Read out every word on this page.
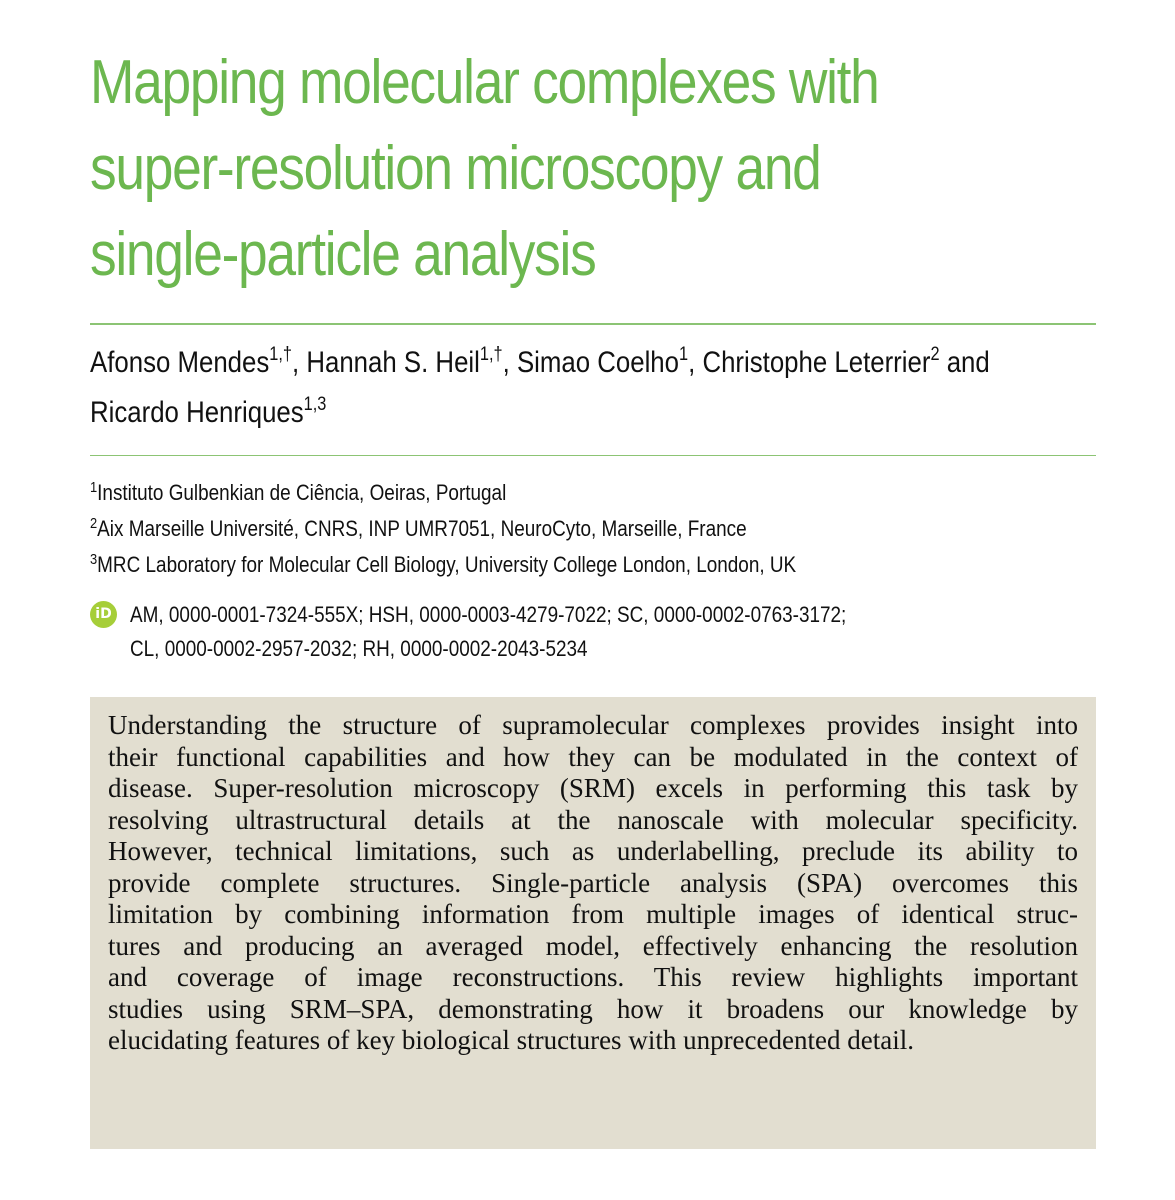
Mapping molecular complexes with
super-resolution microscopy and
single-particle analysis

Afonso Mendes$^{1,\dagger}$, Hannah S. Heil$^{1,\dagger}$, Simao Coelho$^1$, Christophe Leterrier$^2$ and
Ricardo Henriques$^{1,3}$

$^1$Instituto Gulbenkian de Ciência, Oeiras, Portugal
$^2$Aix Marseille Université, CNRS, INP UMR7051, NeuroCyto, Marseille, France
$^3$MRC Laboratory for Molecular Cell Biology, University College London, London, UK
iD AM, 0000-0001-7324-555X; HSH, 0000-0003-4279-7022; SC, 0000-0002-0763-3172;
CL, 0000-0002-2957-2032; RH, 0000-0002-2043-5234

Understanding the structure of supramolecular complexes provides insight into
their functional capabilities and how they can be modulated in the context of
disease. Super-resolution microscopy (SRM) excels in performing this task by
resolving ultrastructural details at the nanoscale with molecular specificity.
However, technical limitations, such as underlabelling, preclude its ability to
provide complete structures. Single-particle analysis (SPA) overcomes this
limitation by combining information from multiple images of identical struc-
tures and producing an averaged model, effectively enhancing the resolution
and coverage of image reconstructions. This review highlights important
studies using SRM–SPA, demonstrating how it broadens our knowledge by
elucidating features of key biological structures with unprecedented detail.
